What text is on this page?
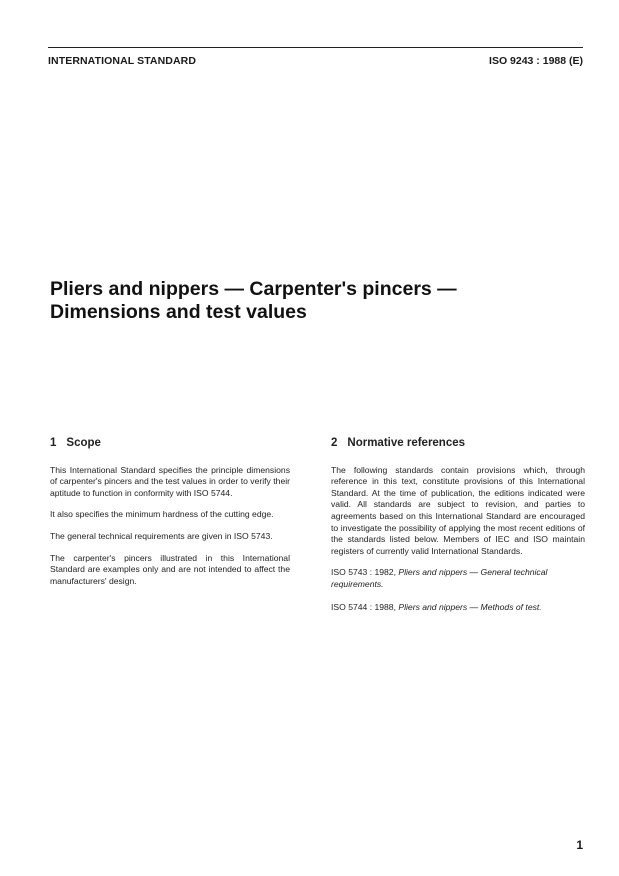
INTERNATIONAL STANDARD	ISO 9243 : 1988 (E)
Pliers and nippers — Carpenter's pincers —
Dimensions and test values
1 Scope

This International Standard specifies the principle dimensions of carpenter's pincers and the test values in order to verify their aptitude to function in conformity with ISO 5744.

It also specifies the minimum hardness of the cutting edge.

The general technical requirements are given in ISO 5743.

The carpenter's pincers illustrated in this International Standard are examples only and are not intended to affect the manufacturers' design.

2 Normative references

The following standards contain provisions which, through reference in this text, constitute provisions of this International Standard. At the time of publication, the editions indicated were valid. All standards are subject to revision, and parties to agreements based on this International Standard are encouraged to investigate the possibility of applying the most recent editions of the standards listed below. Members of IEC and ISO maintain registers of currently valid International Standards.

ISO 5743 : 1982, Pliers and nippers — General technical requirements.

ISO 5744 : 1988, Pliers and nippers — Methods of test.

1
